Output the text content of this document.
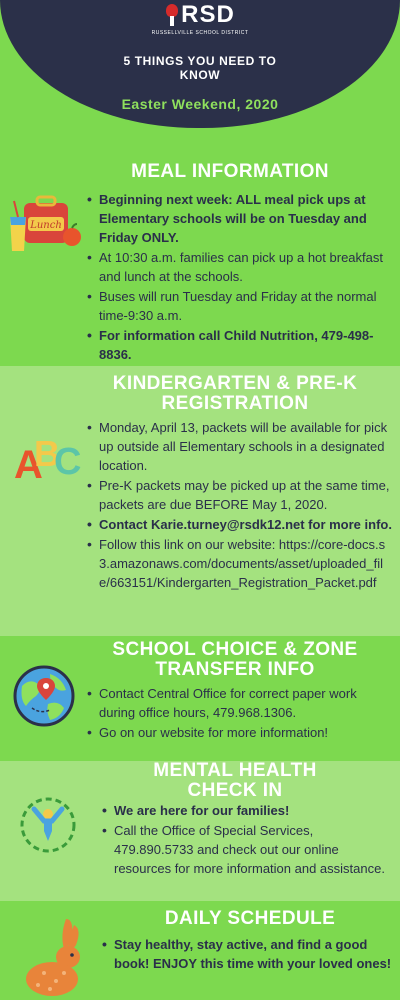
RSD
RUSSELLVILLE SCHOOL DISTRICT
5 THINGS YOU NEED TO
KNOW
Easter Weekend, 2020
MEAL INFORMATION
Lunch
• Beginning next week: ALL meal pick ups at Elementary schools will be on Tuesday and Friday ONLY.
• At 10:30 a.m. families can pick up a hot breakfast and lunch at the schools.
• Buses will run Tuesday and Friday at the normal time-9:30 a.m.
• For information call Child Nutrition, 479-498-8836.
KINDERGARTEN & PRE-K
REGISTRATION
A
B
C
• Monday, April 13, packets will be available for pick up outside all Elementary schools in a designated location.
• Pre-K packets may be picked up at the same time, packets are due BEFORE May 1, 2020.
• Contact Karie.turney@rsdk12.net for more info.
• Follow this link on our website: https://core-docs.s3.amazonaws.com/documents/asset/uploaded_file/663151/Kindergarten_Registration_Packet.pdf
SCHOOL CHOICE & ZONE
TRANSFER INFO
• Contact Central Office for correct paper work during office hours, 479.968.1306.
• Go on our website for more information!
MENTAL HEALTH
CHECK IN
• We are here for our families!
• Call the Office of Special Services, 479.890.5733 and check out our online resources for more information and assistance.
DAILY SCHEDULE
• Stay healthy, stay active, and find a good book! ENJOY this time with your loved ones!
